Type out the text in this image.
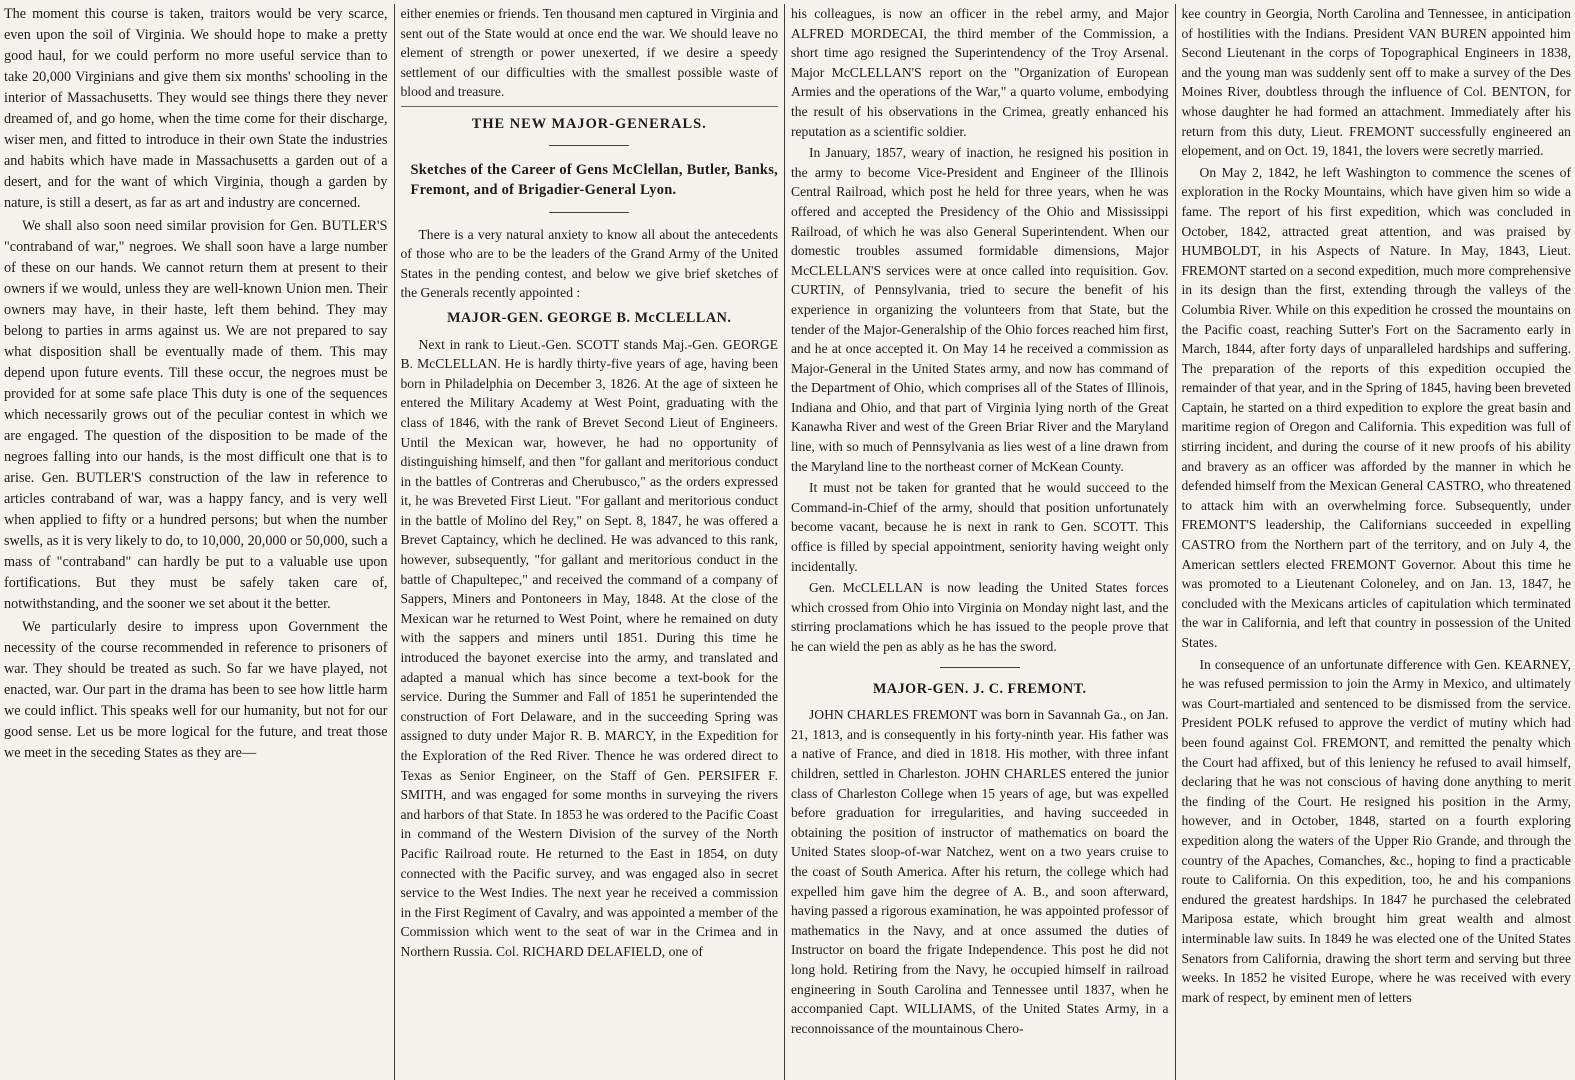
The moment this course is taken, traitors would be very scarce, even upon the soil of Virginia. We should hope to make a pretty good haul, for we could perform no more useful service than to take 20,000 Virginians and give them six months' schooling in the interior of Massachusetts. They would see things there they never dreamed of, and go home, when the time come for their discharge, wiser men, and fitted to introduce in their own State the industries and habits which have made in Massachusetts a garden out of a desert, and for the want of which Virginia, though a garden by nature, is still a desert, as far as art and industry are concerned.

We shall also soon need similar provision for Gen. BUTLER'S "contraband of war," negroes. We shall soon have a large number of these on our hands. We cannot return them at present to their owners if we would, unless they are well-known Union men. Their owners may have, in their haste, left them behind. They may belong to parties in arms against us. We are not prepared to say what disposition shall be eventually made of them. This may depend upon future events. Till these occur, the negroes must be provided for at some safe place This duty is one of the sequences which necessarily grows out of the peculiar contest in which we are engaged. The question of the disposition to be made of the negroes falling into our hands, is the most difficult one that is to arise. Gen. BUTLER'S construction of the law in reference to articles contraband of war, was a happy fancy, and is very well when applied to fifty or a hundred persons; but when the number swells, as it is very likely to do, to 10,000, 20,000 or 50,000, such a mass of "contraband" can hardly be put to a valuable use upon fortifications. But they must be safely taken care of, notwithstanding, and the sooner we set about it the better.

We particularly desire to impress upon Government the necessity of the course recommended in reference to prisoners of war. They should be treated as such. So far we have played, not enacted, war. Our part in the drama has been to see how little harm we could inflict. This speaks well for our humanity, but not for our good sense. Let us be more logical for the future, and treat those we meet in the seceding States as they are—

either enemies or friends. Ten thousand men captured in Virginia and sent out of the State would at once end the war. We should leave no element of strength or power unexerted, if we desire a speedy settlement of our difficulties with the smallest possible waste of blood and treasure.

THE NEW MAJOR-GENERALS.
Sketches of the Career of Gens McClellan, Butler, Banks, Fremont, and of Brigadier-General Lyon.

There is a very natural anxiety to know all about the antecedents of those who are to be the leaders of the Grand Army of the United States in the pending contest, and below we give brief sketches of the Generals recently appointed :

MAJOR-GEN. GEORGE B. McCLELLAN.

Next in rank to Lieut.-Gen. SCOTT stands Maj.-Gen. GEORGE B. McCLELLAN. He is hardly thirty-five years of age, having been born in Philadelphia on December 3, 1826. At the age of sixteen he entered the Military Academy at West Point, graduating with the class of 1846, with the rank of Brevet Second Lieut of Engineers. Until the Mexican war, however, he had no opportunity of distinguishing himself, and then "for gallant and meritorious conduct in the battles of Contreras and Cherubusco," as the orders expressed it, he was Breveted First Lieut. "For gallant and meritorious conduct in the battle of Molino del Rey," on Sept. 8, 1847, he was offered a Brevet Captaincy, which he declined. He was advanced to this rank, however, subsequently, "for gallant and meritorious conduct in the battle of Chapultepec," and received the command of a company of Sappers, Miners and Pontoneers in May, 1848. At the close of the Mexican war he returned to West Point, where he remained on duty with the sappers and miners until 1851. During this time he introduced the bayonet exercise into the army, and translated and adapted a manual which has since become a text-book for the service. During the Summer and Fall of 1851 he superintended the construction of Fort Delaware, and in the succeeding Spring was assigned to duty under Major R. B. MARCY, in the Expedition for the Exploration of the Red River. Thence he was ordered direct to Texas as Senior Engineer, on the Staff of Gen. PERSIFER F. SMITH, and was engaged for some months in surveying the rivers and harbors of that State. In 1853 he was ordered to the Pacific Coast in command of the Western Division of the survey of the North Pacific Railroad route. He returned to the East in 1854, on duty connected with the Pacific survey, and was engaged also in secret service to the West Indies. The next year he received a commission in the First Regiment of Cavalry, and was appointed a member of the Commission which went to the seat of war in the Crimea and in Northern Russia. Col. RICHARD DELAFIELD, one of

his colleagues, is now an officer in the rebel army, and Major ALFRED MORDECAI, the third member of the Commission, a short time ago resigned the Superintendency of the Troy Arsenal. Major McCLELLAN'S report on the "Organization of European Armies and the operations of the War," a quarto volume, embodying the result of his observations in the Crimea, greatly enhanced his reputation as a scientific soldier.

In January, 1857, weary of inaction, he resigned his position in the army to become Vice-President and Engineer of the Illinois Central Railroad, which post he held for three years, when he was offered and accepted the Presidency of the Ohio and Mississippi Railroad, of which he was also General Superintendent. When our domestic troubles assumed formidable dimensions, Major McCLELLAN'S services were at once called into requisition. Gov. CURTIN, of Pennsylvania, tried to secure the benefit of his experience in organizing the volunteers from that State, but the tender of the Major-Generalship of the Ohio forces reached him first, and he at once accepted it. On May 14 he received a commission as Major-General in the United States army, and now has command of the Department of Ohio, which comprises all of the States of Illinois, Indiana and Ohio, and that part of Virginia lying north of the Great Kanawha River and west of the Green Briar River and the Maryland line, with so much of Pennsylvania as lies west of a line drawn from the Maryland line to the northeast corner of McKean County.

It must not be taken for granted that he would succeed to the Command-in-Chief of the army, should that position unfortunately become vacant, because he is next in rank to Gen. SCOTT. This office is filled by special appointment, seniority having weight only incidentally.

Gen. McCLELLAN is now leading the United States forces which crossed from Ohio into Virginia on Monday night last, and the stirring proclamations which he has issued to the people prove that he can wield the pen as ably as he has the sword.

MAJOR-GEN. J. C. FREMONT.

JOHN CHARLES FREMONT was born in Savannah Ga., on Jan. 21, 1813, and is consequently in his forty-ninth year. His father was a native of France, and died in 1818. His mother, with three infant children, settled in Charleston. JOHN CHARLES entered the junior class of Charleston College when 15 years of age, but was expelled before graduation for irregularities, and having succeeded in obtaining the position of instructor of mathematics on board the United States sloop-of-war Natchez, went on a two years cruise to the coast of South America. After his return, the college which had expelled him gave him the degree of A. B., and soon afterward, having passed a rigorous examination, he was appointed professor of mathematics in the Navy, and at once assumed the duties of Instructor on board the frigate Independence. This post he did not long hold. Retiring from the Navy, he occupied himself in railroad engineering in South Carolina and Tennessee until 1837, when he accompanied Capt. WILLIAMS, of the United States Army, in a reconnoissance of the mountainous Chero-

kee country in Georgia, North Carolina and Tennessee, in anticipation of hostilities with the Indians. President VAN BUREN appointed him Second Lieutenant in the corps of Topographical Engineers in 1838, and the young man was suddenly sent off to make a survey of the Des Moines River, doubtless through the influence of Col. BENTON, for whose daughter he had formed an attachment. Immediately after his return from this duty, Lieut. FREMONT successfully engineered an elopement, and on Oct. 19, 1841, the lovers were secretly married.

On May 2, 1842, he left Washington to commence the scenes of exploration in the Rocky Mountains, which have given him so wide a fame. The report of his first expedition, which was concluded in October, 1842, attracted great attention, and was praised by HUMBOLDT, in his Aspects of Nature. In May, 1843, Lieut. FREMONT started on a second expedition, much more comprehensive in its design than the first, extending through the valleys of the Columbia River. While on this expedition he crossed the mountains on the Pacific coast, reaching Sutter's Fort on the Sacramento early in March, 1844, after forty days of unparalleled hardships and suffering. The preparation of the reports of this expedition occupied the remainder of that year, and in the Spring of 1845, having been breveted Captain, he started on a third expedition to explore the great basin and maritime region of Oregon and California. This expedition was full of stirring incident, and during the course of it new proofs of his ability and bravery as an officer was afforded by the manner in which he defended himself from the Mexican General CASTRO, who threatened to attack him with an overwhelming force. Subsequently, under FREMONT'S leadership, the Californians succeeded in expelling CASTRO from the Northern part of the territory, and on July 4, the American settlers elected FREMONT Governor. About this time he was promoted to a Lieutenant Coloneley, and on Jan. 13, 1847, he concluded with the Mexicans articles of capitulation which terminated the war in California, and left that country in possession of the United States.

In consequence of an unfortunate difference with Gen. KEARNEY, he was refused permission to join the Army in Mexico, and ultimately was Court-martialed and sentenced to be dismissed from the service. President POLK refused to approve the verdict of mutiny which had been found against Col. FREMONT, and remitted the penalty which the Court had affixed, but of this leniency he refused to avail himself, declaring that he was not conscious of having done anything to merit the finding of the Court. He resigned his position in the Army, however, and in October, 1848, started on a fourth exploring expedition along the waters of the Upper Rio Grande, and through the country of the Apaches, Comanches, &c., hoping to find a practicable route to California. On this expedition, too, he and his companions endured the greatest hardships. In 1847 he purchased the celebrated Mariposa estate, which brought him great wealth and almost interminable law suits. In 1849 he was elected one of the United States Senators from California, drawing the short term and serving but three weeks. In 1852 he visited Europe, where he was received with every mark of respect, by eminent men of letters
